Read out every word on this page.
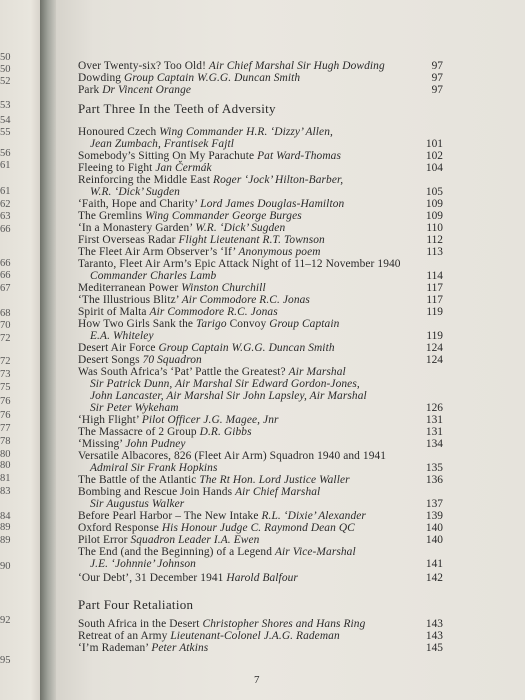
7
50
50
52
53
54
55
56
61
61
62
63
66
66
66
67
68
70
72
72
73
75
76
76
77
78
80
80
81
83
84
89
89
90
92
95
Part Three In the Teeth of Adversity
Part Four Retaliation
Over Twenty-six? Too Old! Air Chief Marshal Sir Hugh Dowding	97
Dowding Group Captain W.G.G. Duncan Smith	97
Park Dr Vincent Orange	97
Honoured Czech Wing Commander H.R. ‘Dizzy’ Allen,
Jean Zumbach, Frantisek Fajtl	101
Somebody’s Sitting On My Parachute Pat Ward-Thomas	102
Fleeing to Fight Jan Čermák	104
Reinforcing the Middle East Roger ‘Jock’ Hilton-Barber,
W.R. ‘Dick’ Sugden	105
‘Faith, Hope and Charity’ Lord James Douglas-Hamilton	109
The Gremlins Wing Commander George Burges	109
‘In a Monastery Garden’ W.R. ‘Dick’ Sugden	110
First Overseas Radar Flight Lieutenant R.T. Townson	112
The Fleet Air Arm Observer’s ‘If’ Anonymous poem	113
Taranto, Fleet Air Arm’s Epic Attack Night of 11–12 November 1940
Commander Charles Lamb	114
Mediterranean Power Winston Churchill	117
‘The Illustrious Blitz’ Air Commodore R.C. Jonas	117
Spirit of Malta Air Commodore R.C. Jonas	119
How Two Girls Sank the Tarigo Convoy Group Captain
E.A. Whiteley	119
Desert Air Force Group Captain W.G.G. Duncan Smith	124
Desert Songs 70 Squadron	124
Was South Africa’s ‘Pat’ Pattle the Greatest? Air Marshal
Sir Patrick Dunn, Air Marshal Sir Edward Gordon-Jones,
John Lancaster, Air Marshal Sir John Lapsley, Air Marshal
Sir Peter Wykeham	126
‘High Flight’ Pilot Officer J.G. Magee, Jnr	131
The Massacre of 2 Group D.R. Gibbs	131
‘Missing’ John Pudney	134
Versatile Albacores, 826 (Fleet Air Arm) Squadron 1940 and 1941
Admiral Sir Frank Hopkins	135
The Battle of the Atlantic The Rt Hon. Lord Justice Waller	136
Bombing and Rescue Join Hands Air Chief Marshal
Sir Augustus Walker	137
Before Pearl Harbor – The New Intake R.L. ‘Dixie’ Alexander	139
Oxford Response His Honour Judge C. Raymond Dean QC	140
Pilot Error Squadron Leader I.A. Ewen	140
The End (and the Beginning) of a Legend Air Vice-Marshal
J.E. ‘Johnnie’ Johnson	141
‘Our Debt’, 31 December 1941 Harold Balfour	142
South Africa in the Desert Christopher Shores and Hans Ring	143
Retreat of an Army Lieutenant-Colonel J.A.G. Rademan	143
‘I’m Rademan’ Peter Atkins	145
